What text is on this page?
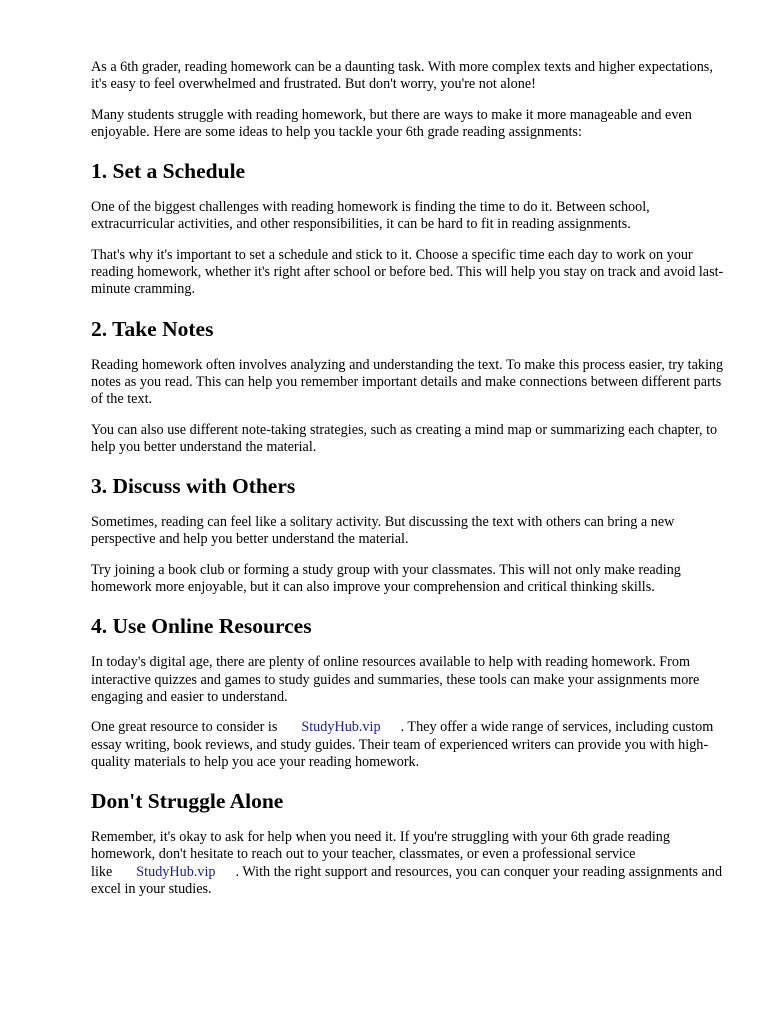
As a 6th grader, reading homework can be a daunting task. With more complex texts and higher expectations, it's easy to feel overwhelmed and frustrated. But don't worry, you're not alone!

Many students struggle with reading homework, but there are ways to make it more manageable and even enjoyable. Here are some ideas to help you tackle your 6th grade reading assignments:

1. Set a Schedule

One of the biggest challenges with reading homework is finding the time to do it. Between school, extracurricular activities, and other responsibilities, it can be hard to fit in reading assignments.

That's why it's important to set a schedule and stick to it. Choose a specific time each day to work on your reading homework, whether it's right after school or before bed. This will help you stay on track and avoid last-minute cramming.

2. Take Notes

Reading homework often involves analyzing and understanding the text. To make this process easier, try taking notes as you read. This can help you remember important details and make connections between different parts of the text.

You can also use different note-taking strategies, such as creating a mind map or summarizing each chapter, to help you better understand the material.

3. Discuss with Others

Sometimes, reading can feel like a solitary activity. But discussing the text with others can bring a new perspective and help you better understand the material.

Try joining a book club or forming a study group with your classmates. This will not only make reading homework more enjoyable, but it can also improve your comprehension and critical thinking skills.

4. Use Online Resources

In today's digital age, there are plenty of online resources available to help with reading homework. From interactive quizzes and games to study guides and summaries, these tools can make your assignments more engaging and easier to understand.

One great resource to consider is StudyHub.vip . They offer a wide range of services, including custom essay writing, book reviews, and study guides. Their team of experienced writers can provide you with high-quality materials to help you ace your reading homework.

Don't Struggle Alone

Remember, it's okay to ask for help when you need it. If you're struggling with your 6th grade reading homework, don't hesitate to reach out to your teacher, classmates, or even a professional service like StudyHub.vip . With the right support and resources, you can conquer your reading assignments and excel in your studies.
